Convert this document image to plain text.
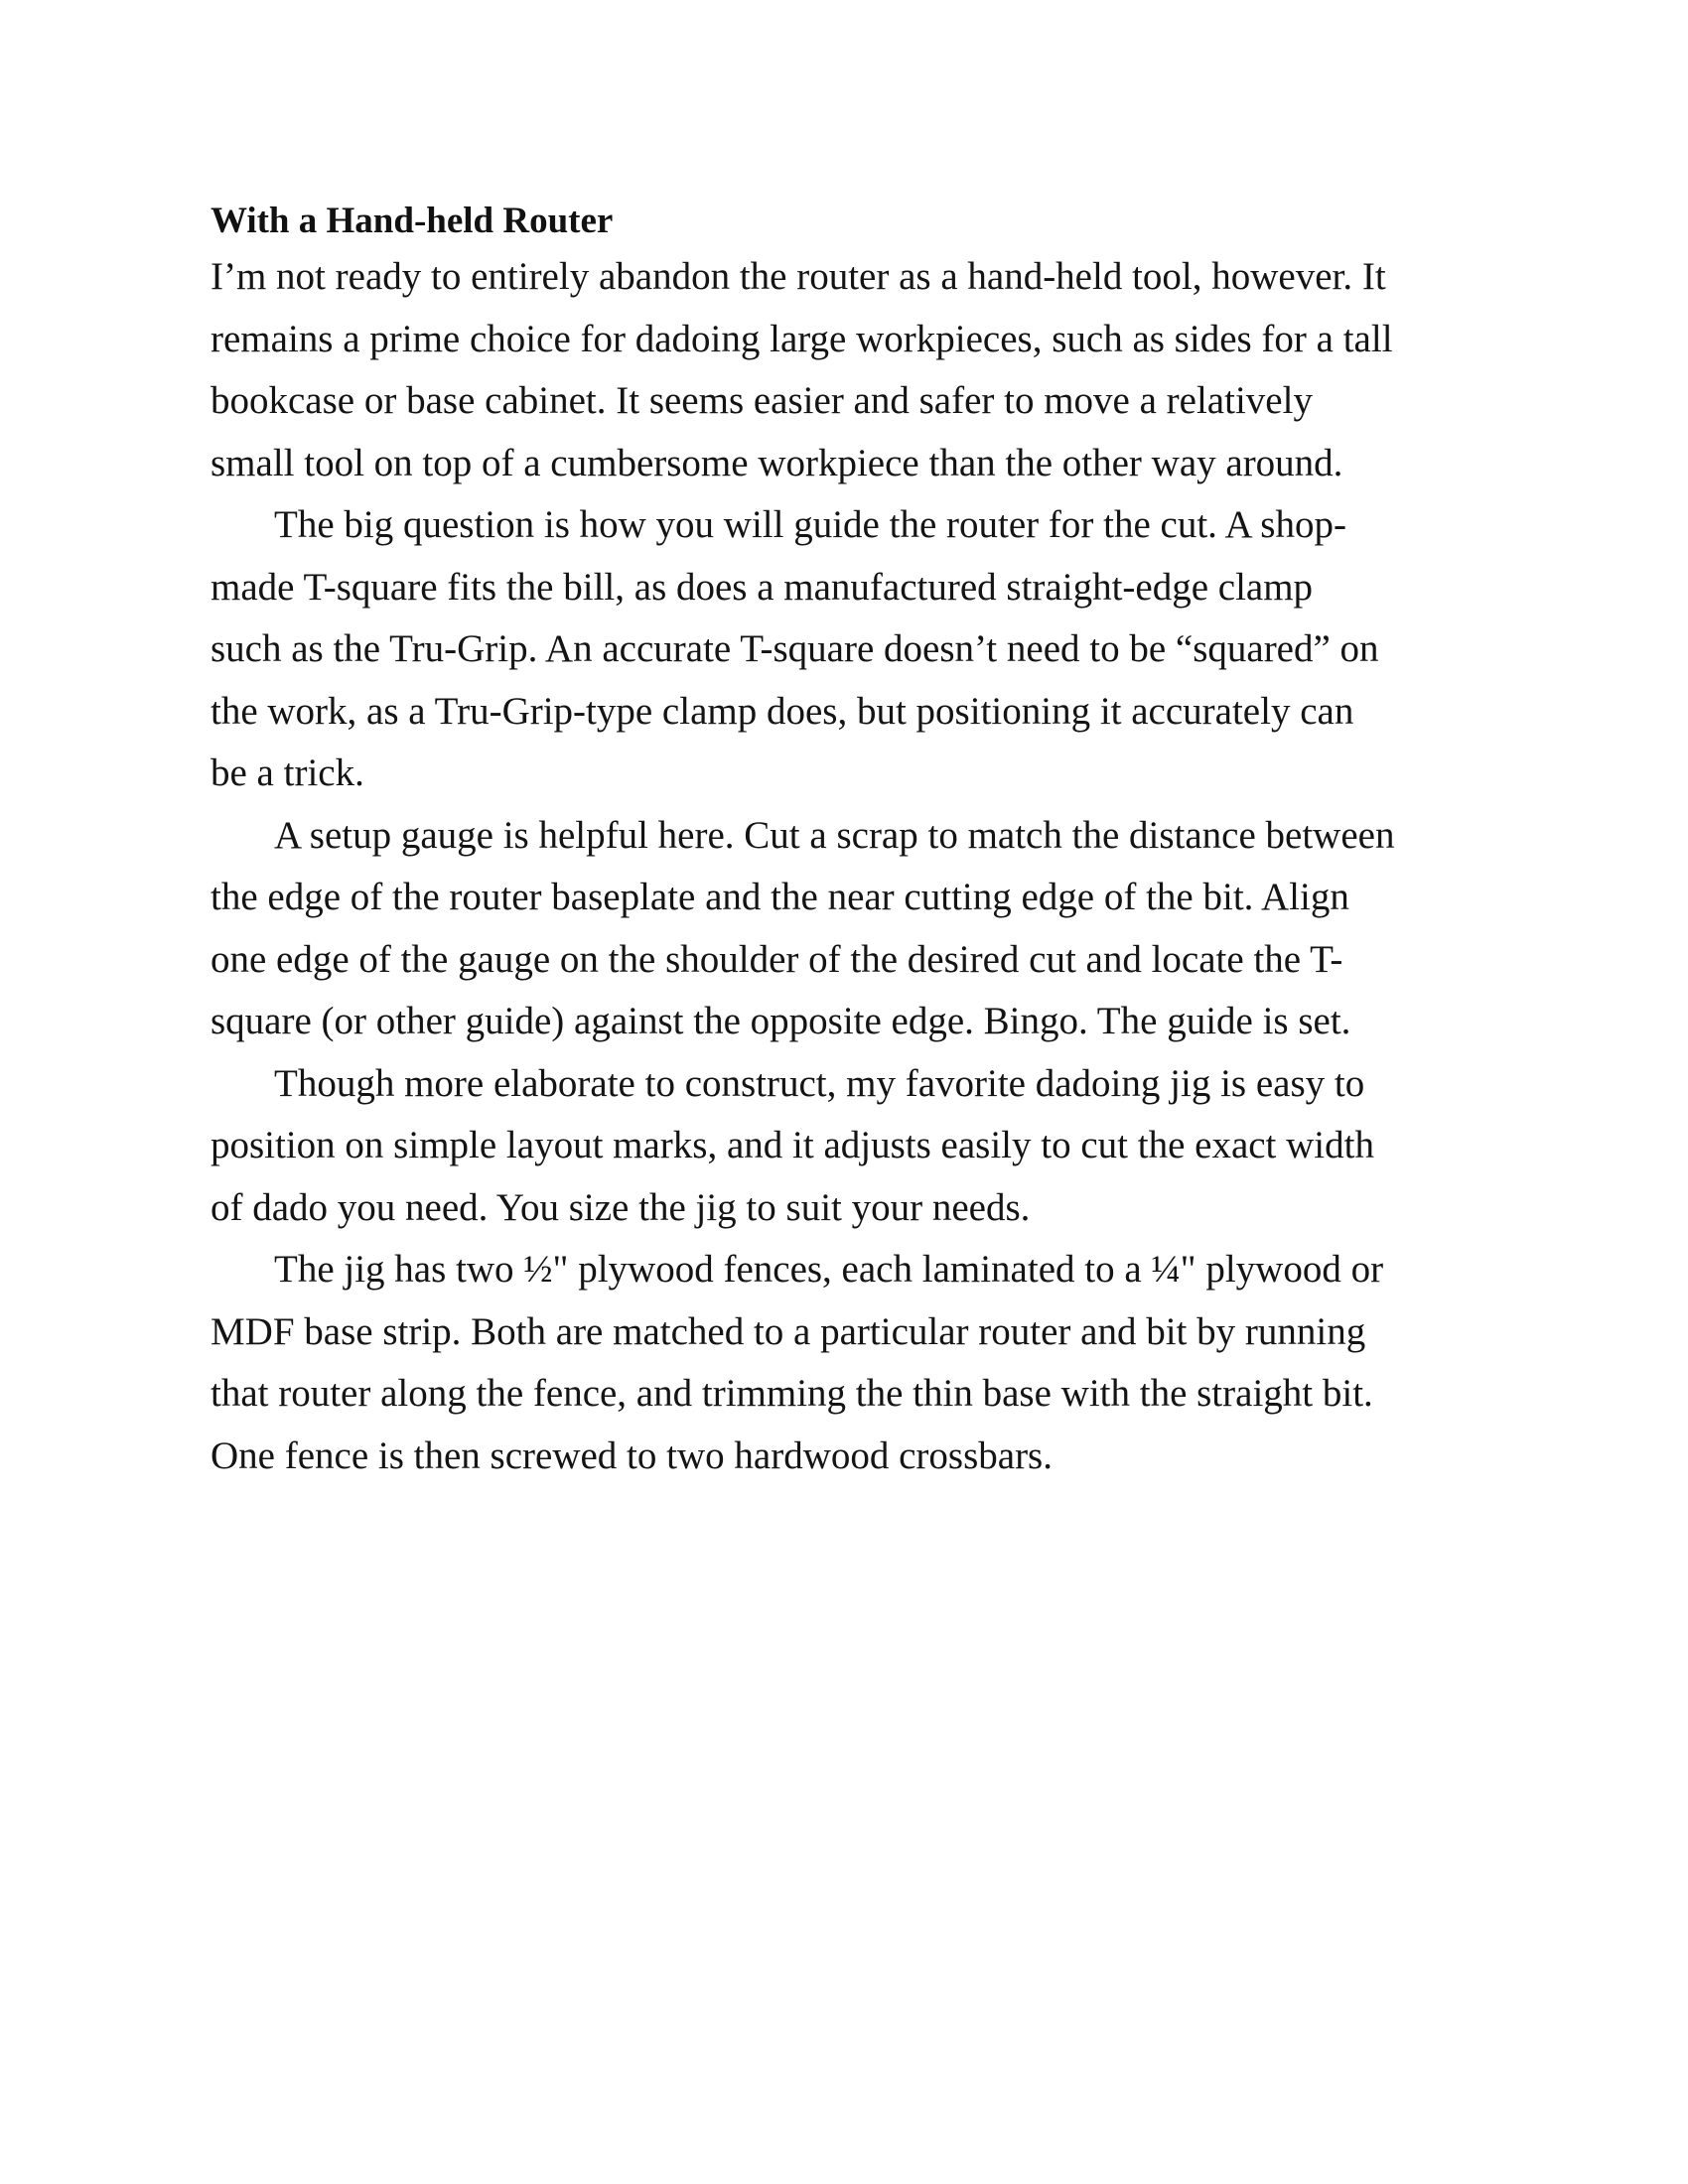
With a Hand-held Router

I’m not ready to entirely abandon the router as a hand-held tool, however. It
remains a prime choice for dadoing large workpieces, such as sides for a tall
bookcase or base cabinet. It seems easier and safer to move a relatively
small tool on top of a cumbersome workpiece than the other way around.

The big question is how you will guide the router for the cut. A shop-

made T-square fits the bill, as does a manufactured straight-edge clamp
such as the Tru-Grip. An accurate T-square doesn’t need to be “squared” on
the work, as a Tru-Grip-type clamp does, but positioning it accurately can
be a trick.

A setup gauge is helpful here. Cut a scrap to match the distance between

the edge of the router baseplate and the near cutting edge of the bit. Align
one edge of the gauge on the shoulder of the desired cut and locate the T-
square (or other guide) against the opposite edge. Bingo. The guide is set.

Though more elaborate to construct, my favorite dadoing jig is easy to

position on simple layout marks, and it adjusts easily to cut the exact width
of dado you need. You size the jig to suit your needs.

The jig has two ½" plywood fences, each laminated to a ¼" plywood or

MDF base strip. Both are matched to a particular router and bit by running
that router along the fence, and trimming the thin base with the straight bit.
One fence is then screwed to two hardwood crossbars.
